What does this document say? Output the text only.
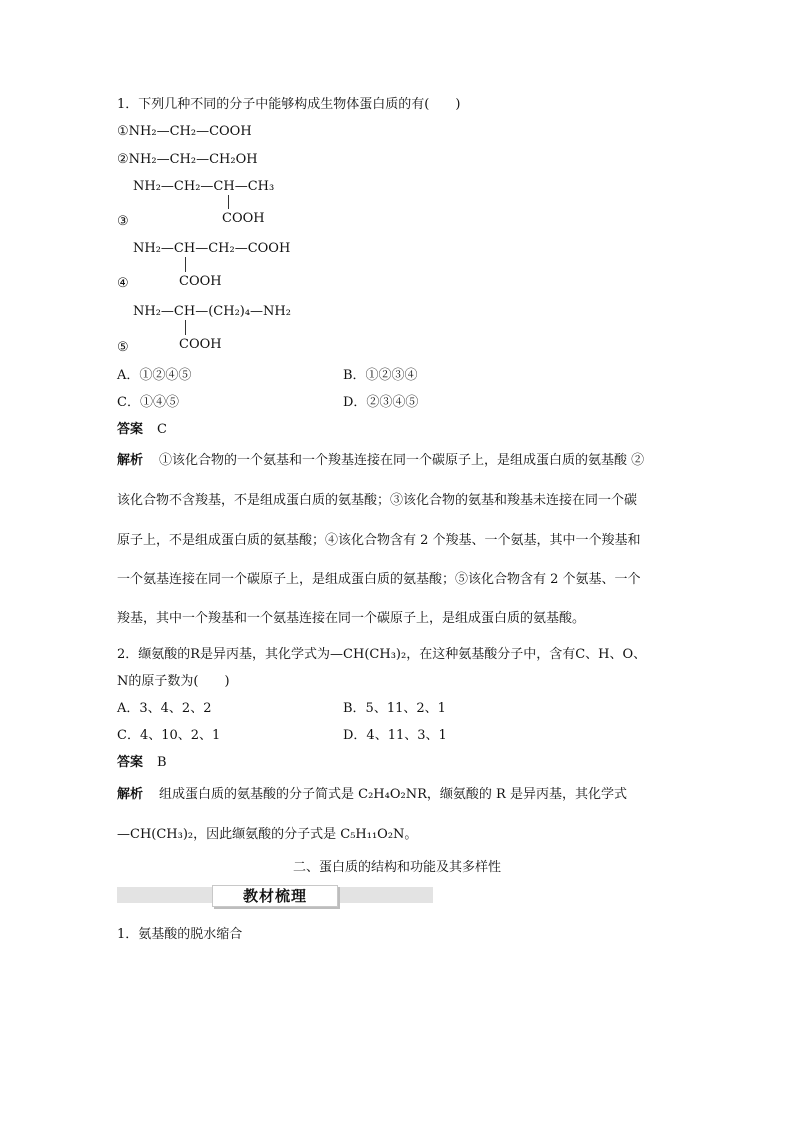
1．下列几种不同的分子中能够构成生物体蛋白质的有(　　)
①NH₂—CH₂—COOH
②NH₂—CH₂—CH₂OH
NH₂—CH₂—CH—CH₃
③	COOH
NH₂—CH—CH₂—COOH
④	COOH
NH₂—CH—(CH₂)₄—NH₂
⑤	COOH
A．①②④⑤	B．①②③④
C．①④⑤	D．②③④⑤
答案 C
解析 ①该化合物的一个氨基和一个羧基连接在同一个碳原子上，是组成蛋白质的氨基酸 ②
该化合物不含羧基，不是组成蛋白质的氨基酸；③该化合物的氨基和羧基未连接在同一个碳
原子上，不是组成蛋白质的氨基酸；④该化合物含有 2 个羧基、一个氨基，其中一个羧基和
一个氨基连接在同一个碳原子上，是组成蛋白质的氨基酸；⑤该化合物含有 2 个氨基、一个
羧基，其中一个羧基和一个氨基连接在同一个碳原子上，是组成蛋白质的氨基酸。
2．缬氨酸的R是异丙基，其化学式为—CH(CH₃)₂，在这种氨基酸分子中，含有C、H、O、
N的原子数为(　　)
A．3、4、2、2	B．5、11、2、1
C．4、10、2、1	D．4、11、3、1
答案 B
解析 组成蛋白质的氨基酸的分子简式是 C₂H₄O₂NR，缬氨酸的 R 是异丙基，其化学式
—CH(CH₃)₂，因此缬氨酸的分子式是 C₅H₁₁O₂N。
二、蛋白质的结构和功能及其多样性
教材梳理
1．氨基酸的脱水缩合
